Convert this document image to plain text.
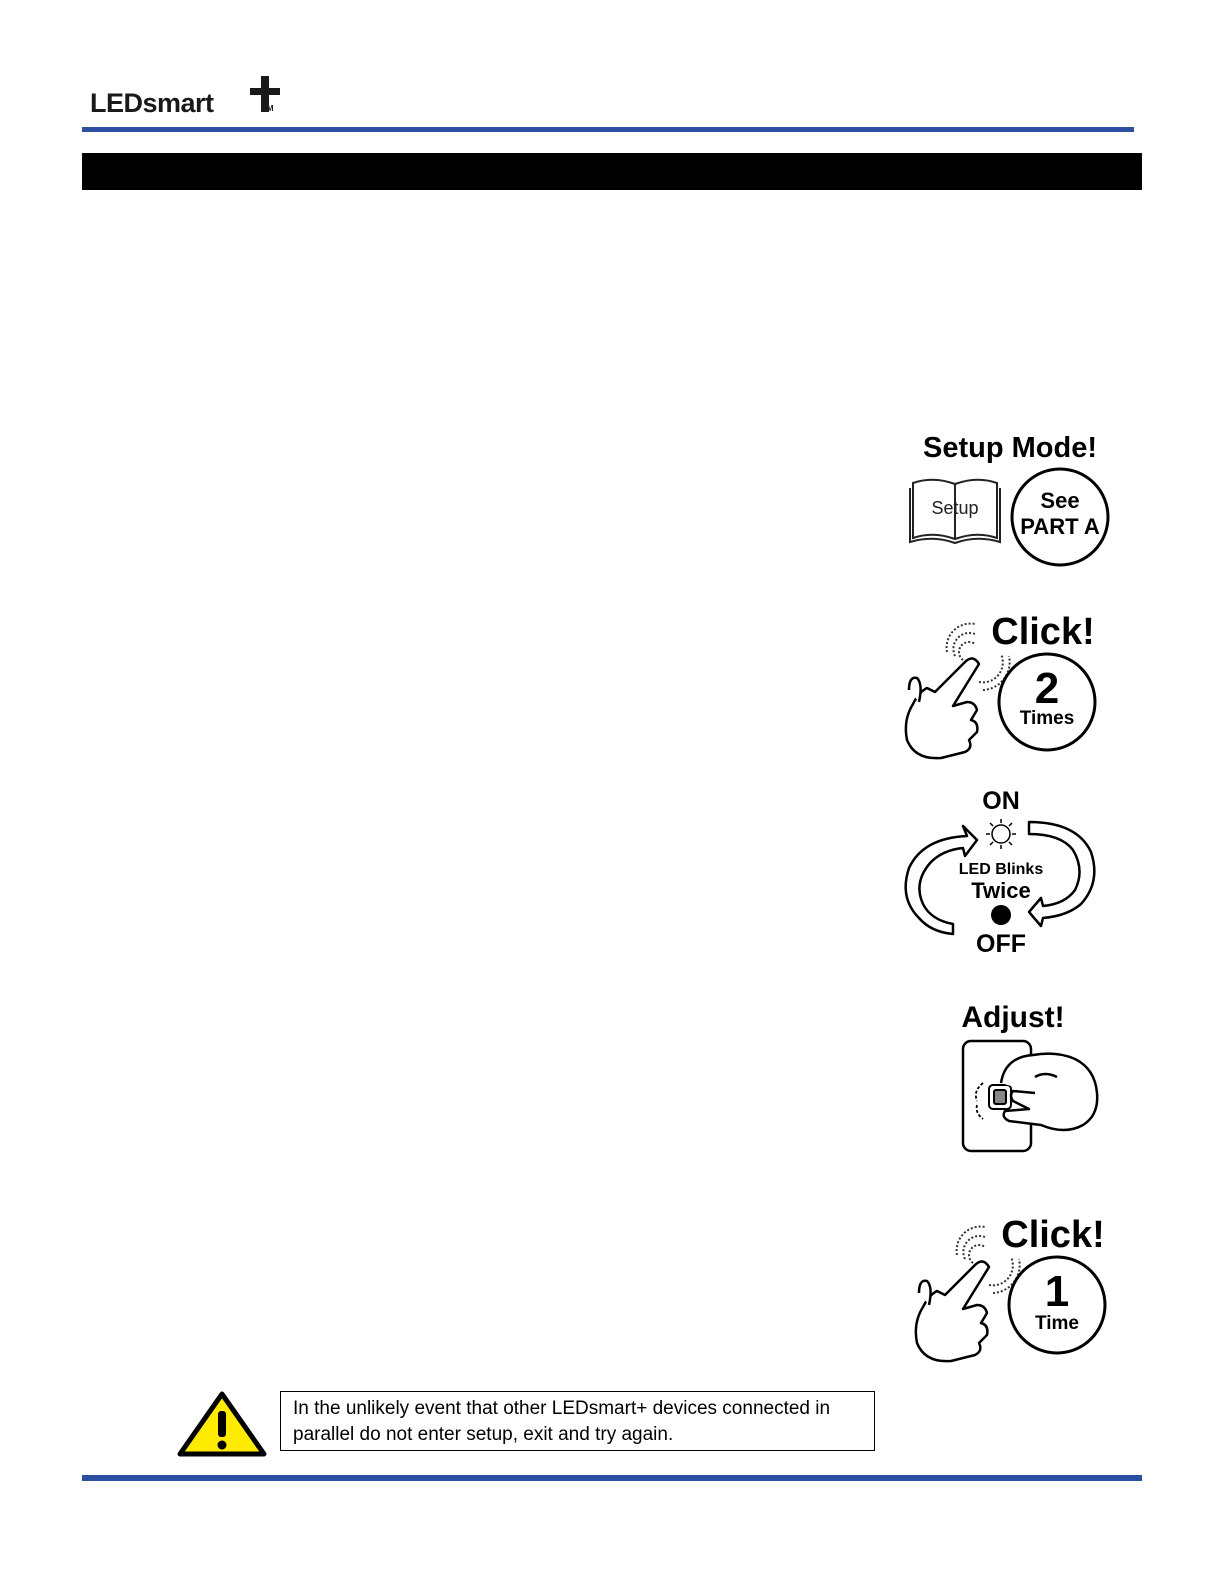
LEDsmart	TM
Setup Mode!
Setup	See
PART A
Click!
2
Times
ON
LED Blinks
Twice
OFF
Adjust!
Click!
1
Time
In the unlikely event that other LEDsmart+ devices connected in parallel do not enter setup, exit and try again.
